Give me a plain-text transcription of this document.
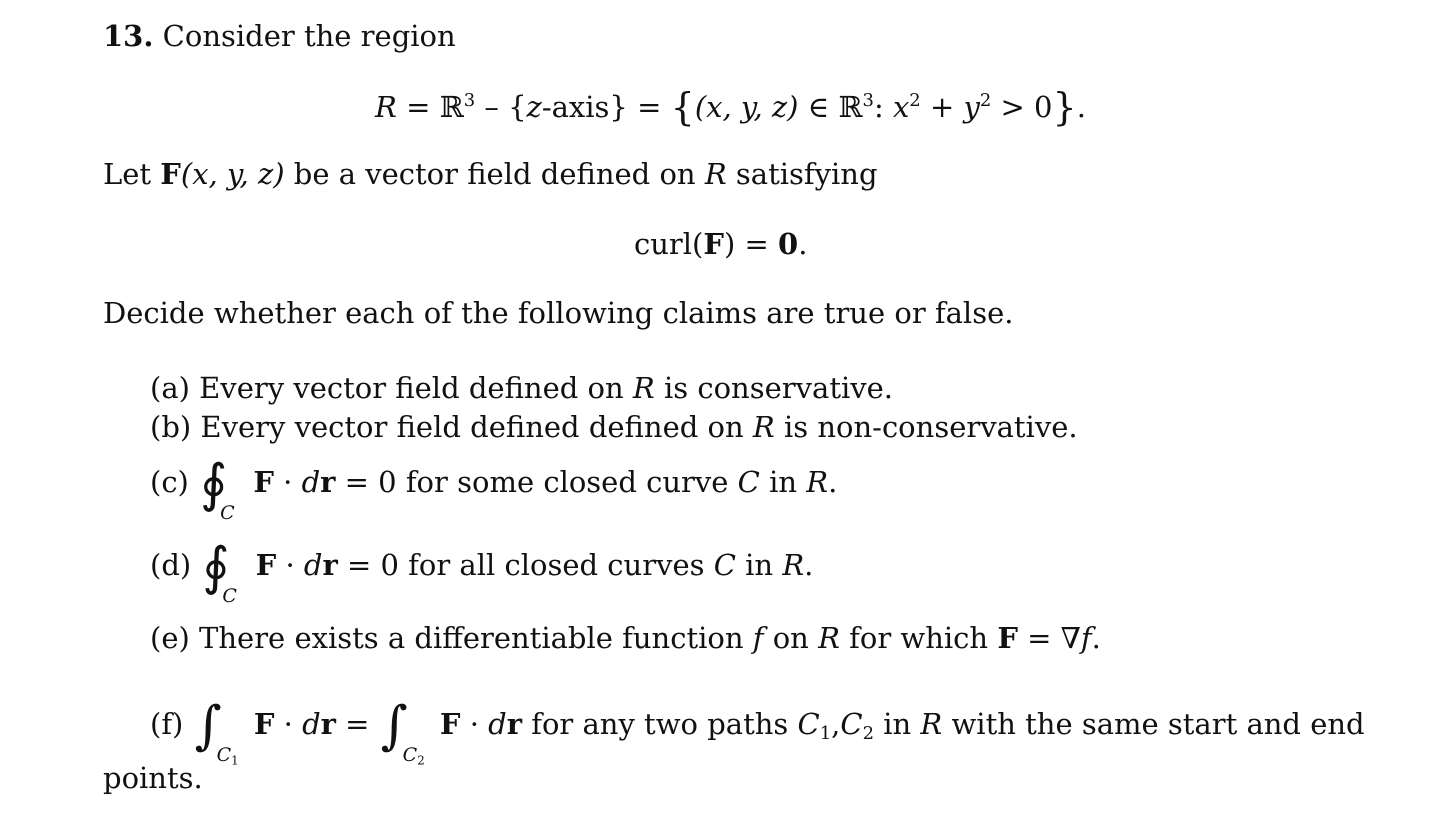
13. Consider the region
R = ℝ$^3$ – {z-axis} = {(x, y, z) ∈ ℝ$^3$: $x^2 + y^2 > 0$}.
Let F(x, y, z) be a vector field defined on R satisfying
curl(F) = 0.
Decide whether each of the following claims are true or false.
(a) Every vector field defined on R is conservative.
(b) Every vector field defined defined on R is non-conservative.
(c) ∮
C
F · dr = 0 for some closed curve C in R.
(d) ∮
C
F · dr = 0 for all closed curves C in R.
(e) There exists a differentiable function f on R for which F = ∇f.
(f) ∫
$C_1$
F · dr = ∫
$C_2$
F · dr for any two paths $C_1,C_2$ in R with the same start and end
points.
